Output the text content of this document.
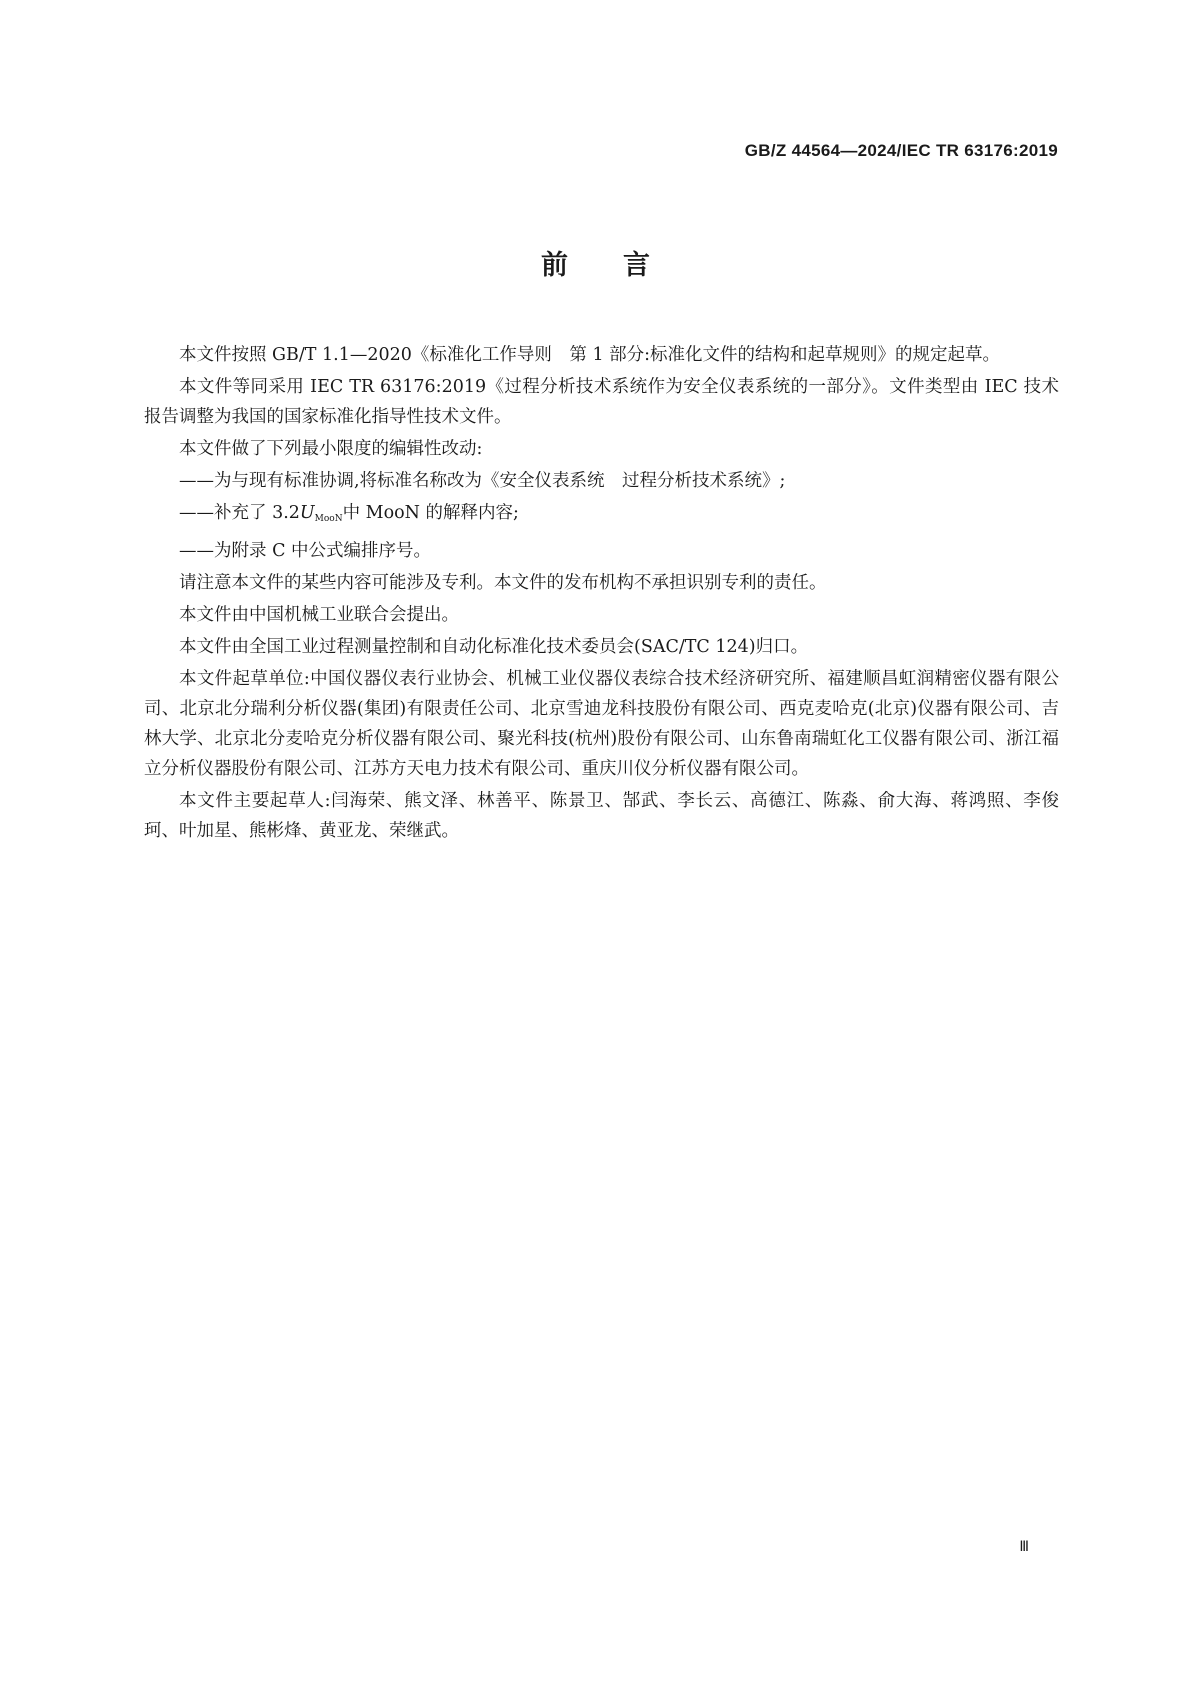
GB/Z 44564—2024/IEC TR 63176:2019
前言

本文件按照 GB/T 1.1—2020《标准化工作导则　第 1 部分:标准化文件的结构和起草规则》的规定起草。

本文件等同采用 IEC TR 63176:2019《过程分析技术系统作为安全仪表系统的一部分》。文件类型由 IEC 技术报告调整为我国的国家标准化指导性技术文件。

本文件做了下列最小限度的编辑性改动:

——为与现有标准协调,将标准名称改为《安全仪表系统　过程分析技术系统》;

——补充了 $3.2U_{MooN}$中 MooN 的解释内容;

——为附录 C 中公式编排序号。

请注意本文件的某些内容可能涉及专利。本文件的发布机构不承担识别专利的责任。

本文件由中国机械工业联合会提出。

本文件由全国工业过程测量控制和自动化标准化技术委员会(SAC/TC 124)归口。

本文件起草单位:中国仪器仪表行业协会、机械工业仪器仪表综合技术经济研究所、福建顺昌虹润精密仪器有限公司、北京北分瑞利分析仪器(集团)有限责任公司、北京雪迪龙科技股份有限公司、西克麦哈克(北京)仪器有限公司、吉林大学、北京北分麦哈克分析仪器有限公司、聚光科技(杭州)股份有限公司、山东鲁南瑞虹化工仪器有限公司、浙江福立分析仪器股份有限公司、江苏方天电力技术有限公司、重庆川仪分析仪器有限公司。

本文件主要起草人:闫海荣、熊文泽、林善平、陈景卫、郜武、李长云、高德江、陈淼、俞大海、蒋鸿照、李俊珂、叶加星、熊彬烽、黄亚龙、荣继武。

Ⅲ
